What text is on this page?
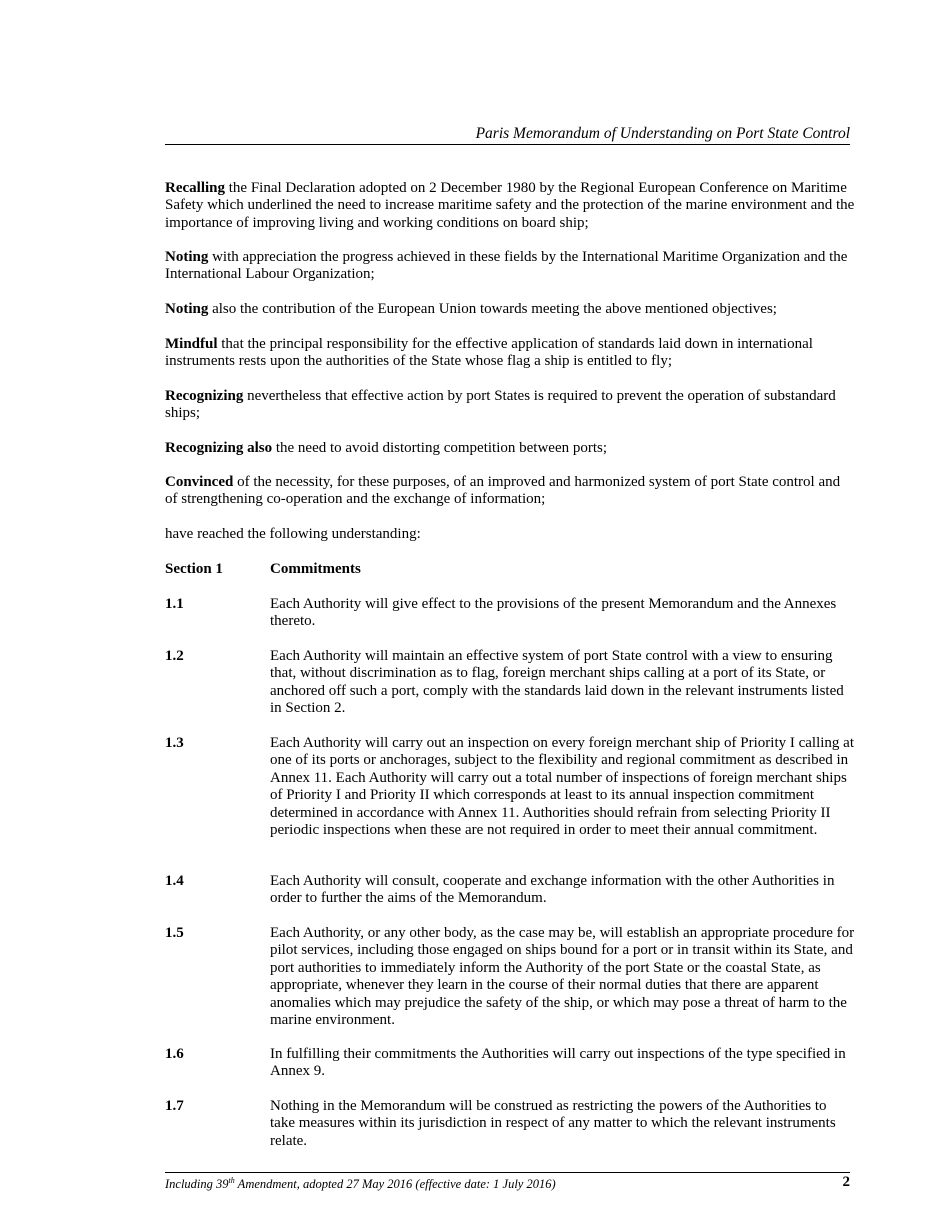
Paris Memorandum of Understanding on Port State Control

Recalling the Final Declaration adopted on 2 December 1980 by the Regional European Conference on Maritime Safety which underlined the need to increase maritime safety and the protection of the marine environment and the importance of improving living and working conditions on board ship;

Noting with appreciation the progress achieved in these fields by the International Maritime Organization and the International Labour Organization;

Noting also the contribution of the European Union towards meeting the above mentioned objectives;

Mindful that the principal responsibility for the effective application of standards laid down in international instruments rests upon the authorities of the State whose flag a ship is entitled to fly;

Recognizing nevertheless that effective action by port States is required to prevent the operation of substandard ships;

Recognizing also the need to avoid distorting competition between ports;

Convinced of the necessity, for these purposes, of an improved and harmonized system of port State control and of strengthening co-operation and the exchange of information;

have reached the following understanding:

Section 1	Commitments

1.1	Each Authority will give effect to the provisions of the present Memorandum and the Annexes thereto.

1.2	Each Authority will maintain an effective system of port State control with a view to ensuring that, without discrimination as to flag, foreign merchant ships calling at a port of its State, or anchored off such a port, comply with the standards laid down in the relevant instruments listed in Section 2.

1.3	Each Authority will carry out an inspection on every foreign merchant ship of Priority I calling at one of its ports or anchorages, subject to the flexibility and regional commitment as described in Annex 11. Each Authority will carry out a total number of inspections of foreign merchant ships of Priority I and Priority II which corresponds at least to its annual inspection commitment determined in accordance with Annex 11. Authorities should refrain from selecting Priority II periodic inspections when these are not required in order to meet their annual commitment.

1.4	Each Authority will consult, cooperate and exchange information with the other Authorities in order to further the aims of the Memorandum.

1.5	Each Authority, or any other body, as the case may be, will establish an appropriate procedure for pilot services, including those engaged on ships bound for a port or in transit within its State, and port authorities to immediately inform the Authority of the port State or the coastal State, as appropriate, whenever they learn in the course of their normal duties that there are apparent anomalies which may prejudice the safety of the ship, or which may pose a threat of harm to the marine environment.

1.6	In fulfilling their commitments the Authorities will carry out inspections of the type specified in Annex 9.

1.7	Nothing in the Memorandum will be construed as restricting the powers of the Authorities to take measures within its jurisdiction in respect of any matter to which the relevant instruments relate.

Including 39th Amendment, adopted 27 May 2016 (effective date: 1 July 2016)	2
